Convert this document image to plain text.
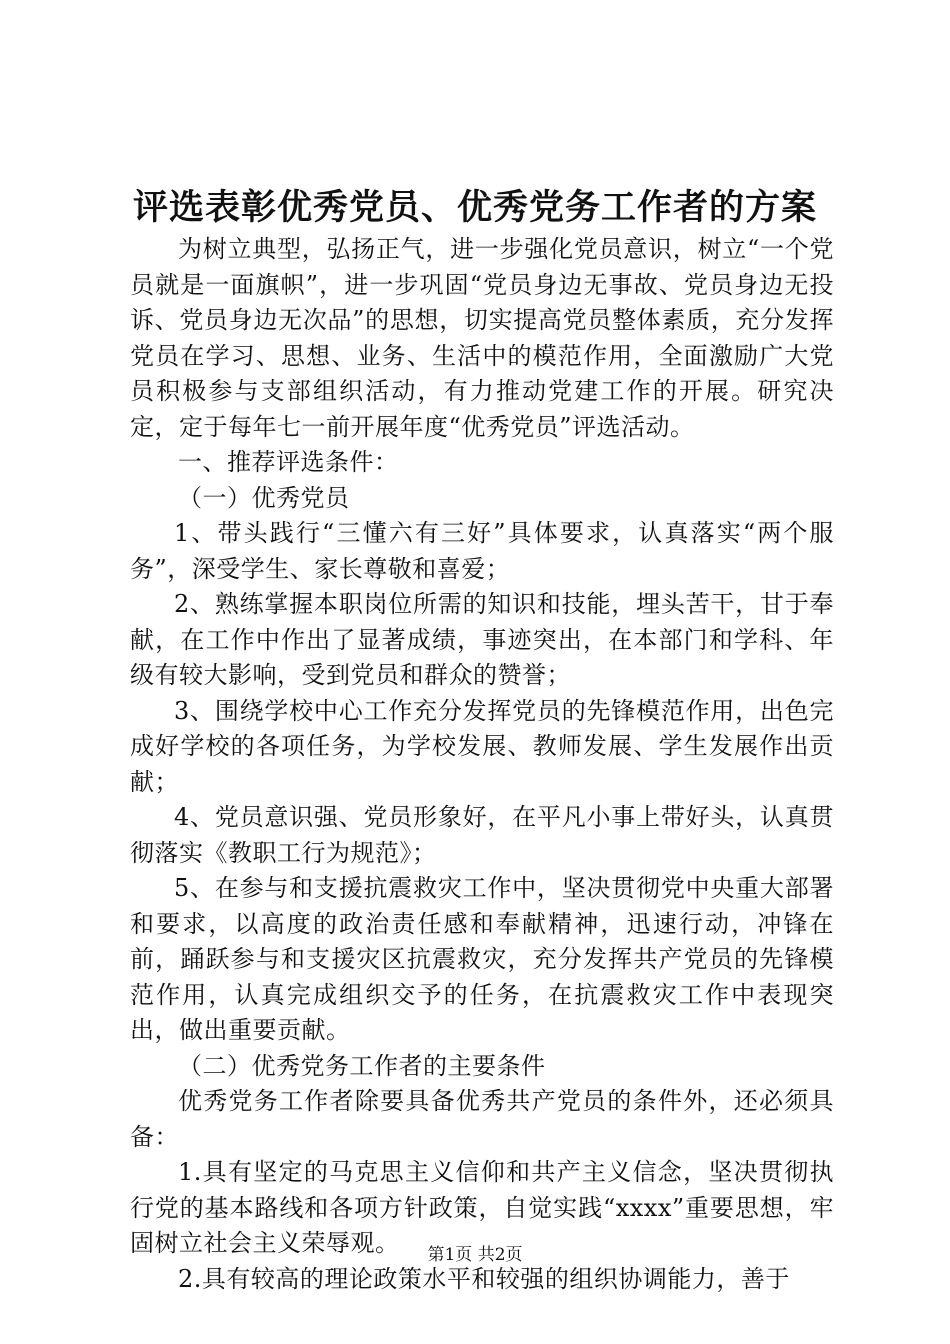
评选表彰优秀党员、优秀党务工作者的方案

为树立典型，弘扬正气，进一步强化党员意识，树立“一个党员就是一面旗帜”，进一步巩固“党员身边无事故、党员身边无投诉、党员身边无次品”的思想，切实提高党员整体素质，充分发挥党员在学习、思想、业务、生活中的模范作用，全面激励广大党员积极参与支部组织活动，有力推动党建工作的开展。研究决定，定于每年七一前开展年度“优秀党员”评选活动。

一、推荐评选条件：

（一）优秀党员

1、带头践行“三懂六有三好”具体要求，认真落实“两个服务”，深受学生、家长尊敬和喜爱；

2、熟练掌握本职岗位所需的知识和技能，埋头苦干，甘于奉献，在工作中作出了显著成绩，事迹突出，在本部门和学科、年级有较大影响，受到党员和群众的赞誉；

3、围绕学校中心工作充分发挥党员的先锋模范作用，出色完成好学校的各项任务，为学校发展、教师发展、学生发展作出贡献；

4、党员意识强、党员形象好，在平凡小事上带好头，认真贯彻落实《教职工行为规范》；

5、在参与和支援抗震救灾工作中，坚决贯彻党中央重大部署和要求，以高度的政治责任感和奉献精神，迅速行动，冲锋在前，踊跃参与和支援灾区抗震救灾，充分发挥共产党员的先锋模范作用，认真完成组织交予的任务，在抗震救灾工作中表现突出，做出重要贡献。

（二）优秀党务工作者的主要条件

优秀党务工作者除要具备优秀共产党员的条件外，还必须具备：

1.具有坚定的马克思主义信仰和共产主义信念，坚决贯彻执行党的基本路线和各项方针政策，自觉实践“xxxx”重要思想，牢固树立社会主义荣辱观。

2.具有较高的理论政策水平和较强的组织协调能力，善于

第1页 共2页
